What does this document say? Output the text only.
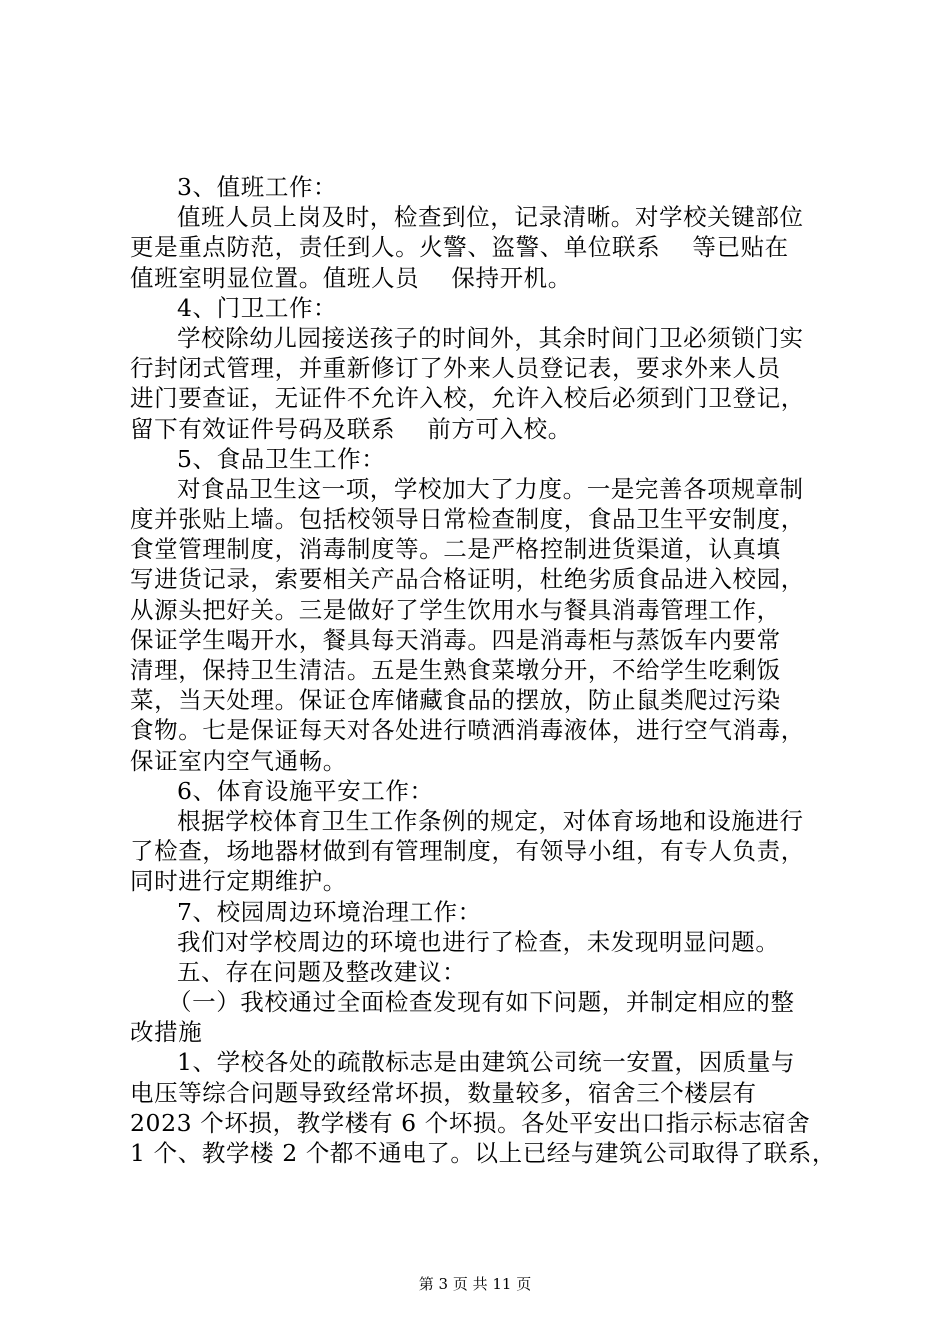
3、值班工作：
值班人员上岗及时，检查到位，记录清晰。对学校关键部位
更是重点防范，责任到人。火警、盗警、单位联系　 等已贴在
值班室明显位置。值班人员　 保持开机。
4、门卫工作：
学校除幼儿园接送孩子的时间外，其余时间门卫必须锁门实
行封闭式管理，并重新修订了外来人员登记表，要求外来人员
进门要查证，无证件不允许入校，允许入校后必须到门卫登记，
留下有效证件号码及联系　 前方可入校。
5、食品卫生工作：
对食品卫生这一项，学校加大了力度。一是完善各项规章制
度并张贴上墙。包括校领导日常检查制度，食品卫生平安制度，
食堂管理制度，消毒制度等。二是严格控制进货渠道，认真填
写进货记录，索要相关产品合格证明，杜绝劣质食品进入校园，
从源头把好关。三是做好了学生饮用水与餐具消毒管理工作，
保证学生喝开水，餐具每天消毒。四是消毒柜与蒸饭车内要常
清理，保持卫生清洁。五是生熟食菜墩分开，不给学生吃剩饭
菜，当天处理。保证仓库储藏食品的摆放，防止鼠类爬过污染
食物。七是保证每天对各处进行喷洒消毒液体，进行空气消毒，
保证室内空气通畅。
6、体育设施平安工作：
根据学校体育卫生工作条例的规定，对体育场地和设施进行
了检查，场地器材做到有管理制度，有领导小组，有专人负责，
同时进行定期维护。
7、校园周边环境治理工作：
我们对学校周边的环境也进行了检查，未发现明显问题。
五、存在问题及整改建议：
（一）我校通过全面检查发现有如下问题，并制定相应的整
改措施
1、学校各处的疏散标志是由建筑公司统一安置，因质量与
电压等综合问题导致经常坏损，数量较多，宿舍三个楼层有
2023 个坏损，教学楼有 6 个坏损。各处平安出口指示标志宿舍
1 个、教学楼 2 个都不通电了。以上已经与建筑公司取得了联系，
第 3 页 共 11 页
